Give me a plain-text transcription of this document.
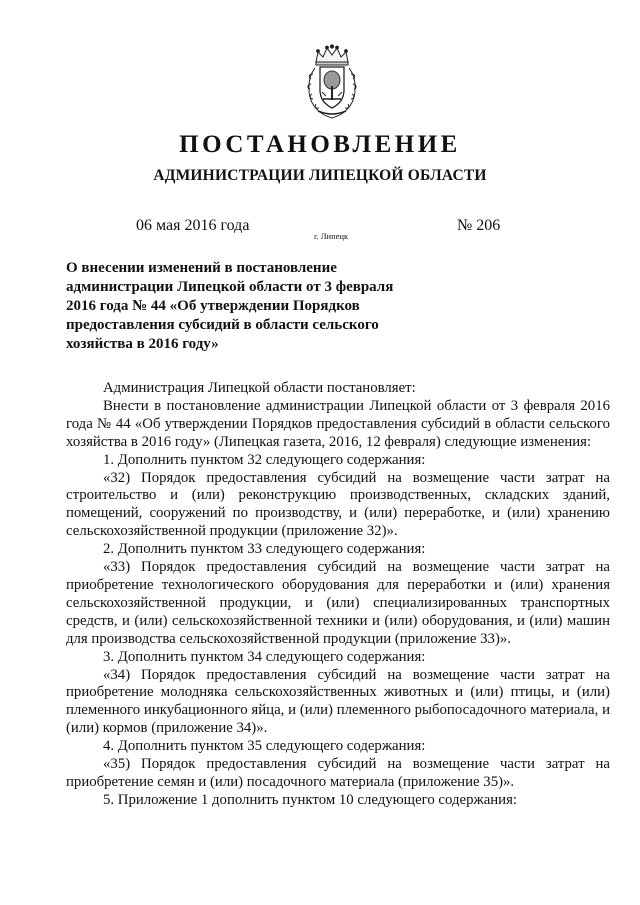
ПОСТАНОВЛЕНИЕ
АДМИНИСТРАЦИИ ЛИПЕЦКОЙ ОБЛАСТИ
06 мая 2016 года
г. Липецк
№ 206

О внесении изменений в постановление администрации Липецкой области от 3 февраля 2016 года № 44 «Об утверждении Порядков предоставления субсидий в области сельского хозяйства в 2016 году»

Администрация Липецкой области постановляет:

Внести в постановление администрации Липецкой области от 3 февраля 2016 года № 44 «Об утверждении Порядков предоставления субсидий в области сельского хозяйства в 2016 году» (Липецкая газета, 2016, 12 февраля) следующие изменения:

1. Дополнить пунктом 32 следующего содержания:

«32) Порядок предоставления субсидий на возмещение части затрат на строительство и (или) реконструкцию производственных, складских зданий, помещений, сооружений по производству, и (или) переработке, и (или) хранению сельскохозяйственной продукции (приложение 32)».

2. Дополнить пунктом 33 следующего содержания:

«33) Порядок предоставления субсидий на возмещение части затрат на приобретение технологического оборудования для переработки и (или) хранения сельскохозяйственной продукции, и (или) специализированных транспортных средств, и (или) сельскохозяйственной техники и (или) оборудования, и (или) машин для производства сельскохозяйственной продукции (приложение 33)».

3. Дополнить пунктом 34 следующего содержания:

«34) Порядок предоставления субсидий на возмещение части затрат на приобретение молодняка сельскохозяйственных животных и (или) птицы, и (или) племенного инкубационного яйца, и (или) племенного рыбопосадочного материала, и (или) кормов (приложение 34)».

4. Дополнить пунктом 35 следующего содержания:

«35) Порядок предоставления субсидий на возмещение части затрат на приобретение семян и (или) посадочного материала (приложение 35)».

5. Приложение 1 дополнить пунктом 10 следующего содержания:
